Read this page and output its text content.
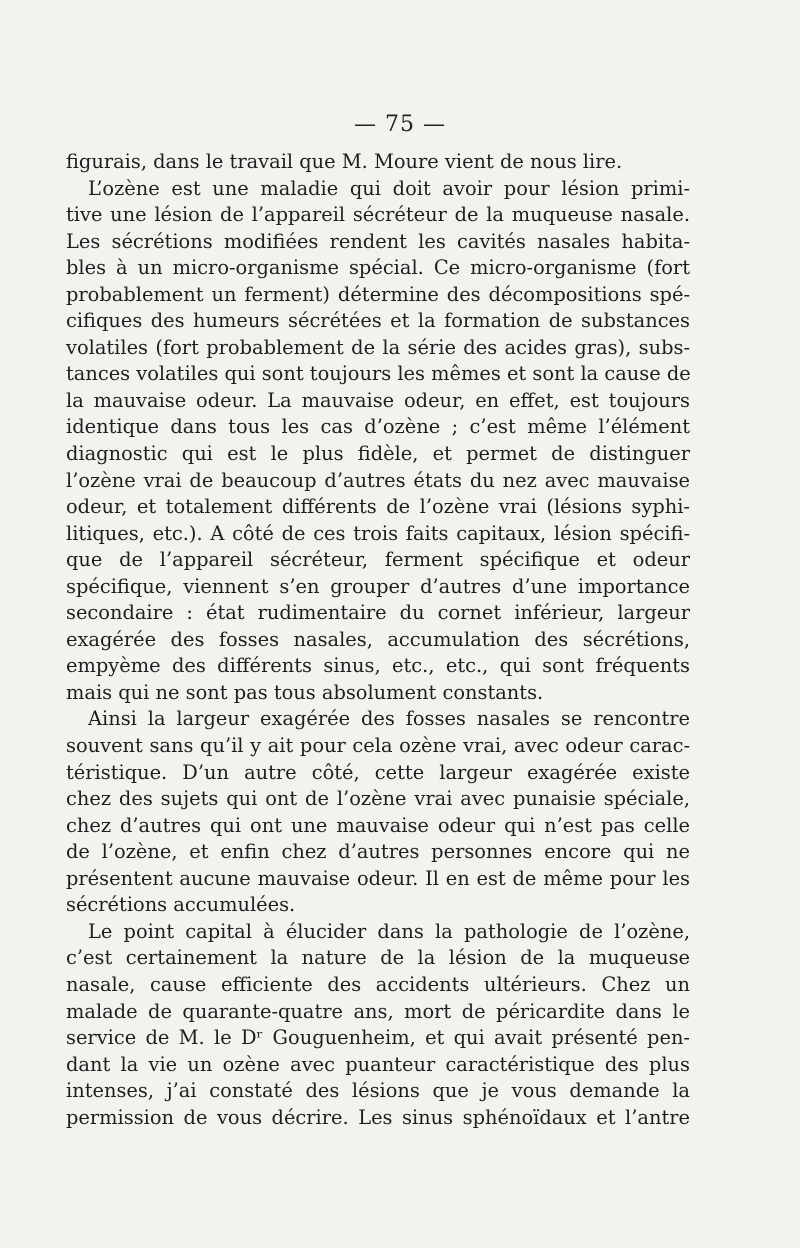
— 75 —
figurais, dans le travail que M. Moure vient de nous lire.
L’ozène est une maladie qui doit avoir pour lésion primi-
tive une lésion de l’appareil sécréteur de la muqueuse nasale.
Les sécrétions modifiées rendent les cavités nasales habita-
bles à un micro-organisme spécial. Ce micro-organisme (fort
probablement un ferment) détermine des décompositions spé-
cifiques des humeurs sécrétées et la formation de substances
volatiles (fort probablement de la série des acides gras), subs-
tances volatiles qui sont toujours les mêmes et sont la cause de
la mauvaise odeur. La mauvaise odeur, en effet, est toujours
identique dans tous les cas d’ozène ; c’est même l’élément
diagnostic qui est le plus fidèle, et permet de distinguer
l’ozène vrai de beaucoup d’autres états du nez avec mauvaise
odeur, et totalement différents de l’ozène vrai (lésions syphi-
litiques, etc.). A côté de ces trois faits capitaux, lésion spécifi-
que de l’appareil sécréteur, ferment spécifique et odeur
spécifique, viennent s’en grouper d’autres d’une importance
secondaire : état rudimentaire du cornet inférieur, largeur
exagérée des fosses nasales, accumulation des sécrétions,
empyème des différents sinus, etc., etc., qui sont fréquents
mais qui ne sont pas tous absolument constants.
Ainsi la largeur exagérée des fosses nasales se rencontre
souvent sans qu’il y ait pour cela ozène vrai, avec odeur carac-
téristique. D’un autre côté, cette largeur exagérée existe
chez des sujets qui ont de l’ozène vrai avec punaisie spéciale,
chez d’autres qui ont une mauvaise odeur qui n’est pas celle
de l’ozène, et enfin chez d’autres personnes encore qui ne
présentent aucune mauvaise odeur. Il en est de même pour les
sécrétions accumulées.
Le point capital à élucider dans la pathologie de l’ozène,
c’est certainement la nature de la lésion de la muqueuse
nasale, cause efficiente des accidents ultérieurs. Chez un
malade de quarante-quatre ans, mort de péricardite dans le
service de M. le Dʳ Gouguenheim, et qui avait présenté pen-
dant la vie un ozène avec puanteur caractéristique des plus
intenses, j’ai constaté des lésions que je vous demande la
permission de vous décrire. Les sinus sphénoïdaux et l’antre
